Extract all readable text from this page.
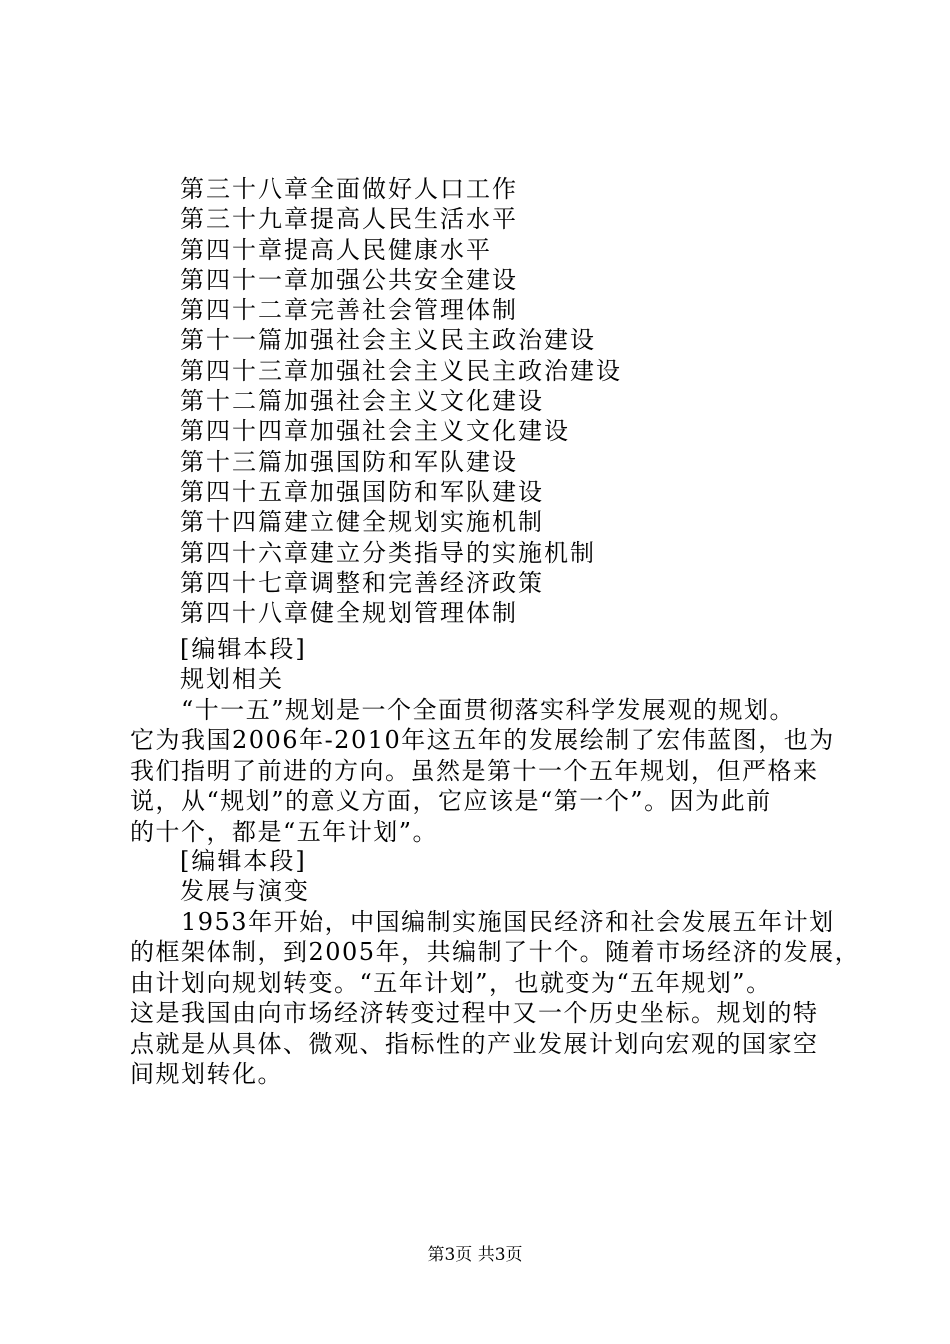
第三十八章全面做好人口工作
第三十九章提高人民生活水平
第四十章提高人民健康水平
第四十一章加强公共安全建设
第四十二章完善社会管理体制
第十一篇加强社会主义民主政治建设
第四十三章加强社会主义民主政治建设
第十二篇加强社会主义文化建设
第四十四章加强社会主义文化建设
第十三篇加强国防和军队建设
第四十五章加强国防和军队建设
第十四篇建立健全规划实施机制
第四十六章建立分类指导的实施机制
第四十七章调整和完善经济政策
第四十八章健全规划管理体制
[编辑本段]
规划相关

　　“十一五”规划是一个全面贯彻落实科学发展观的规划。
它为我国2006年-2010年这五年的发展绘制了宏伟蓝图，也为
我们指明了前进的方向。虽然是第十一个五年规划，但严格来
说，从“规划”的意义方面，它应该是“第一个”。因为此前
的十个，都是“五年计划”。

[编辑本段]
发展与演变

　　1953年开始，中国编制实施国民经济和社会发展五年计划
的框架体制，到2005年，共编制了十个。随着市场经济的发展，
由计划向规划转变。“五年计划”，也就变为“五年规划”。
这是我国由向市场经济转变过程中又一个历史坐标。规划的特
点就是从具体、微观、指标性的产业发展计划向宏观的国家空
间规划转化。

第3页 共3页
